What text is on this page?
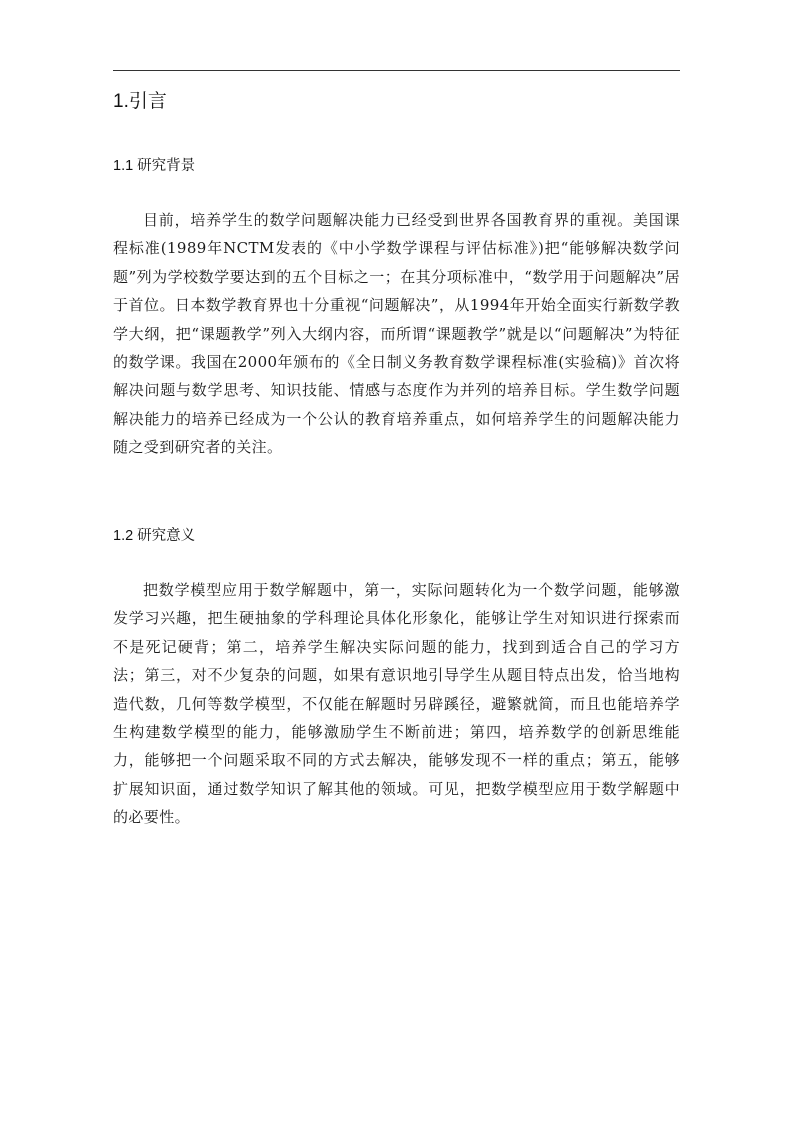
1.引言
1.1 研究背景

目前，培养学生的数学问题解决能力已经受到世界各国教育界的重视。美国课程标准(1989年NCTM发表的《中小学数学课程与评估标准》)把“能够解决数学问题”列为学校数学要达到的五个目标之一；在其分项标准中，“数学用于问题解决”居于首位。日本数学教育界也十分重视“问题解决”，从1994年开始全面实行新数学教学大纲，把“课题教学”列入大纲内容，而所谓“课题教学”就是以“问题解决”为特征的数学课。我国在2000年颁布的《全日制义务教育数学课程标准(实验稿)》首次将解决问题与数学思考、知识技能、情感与态度作为并列的培养目标。学生数学问题解决能力的培养已经成为一个公认的教育培养重点，如何培养学生的问题解决能力随之受到研究者的关注。

1.2 研究意义

把数学模型应用于数学解题中，第一，实际问题转化为一个数学问题，能够激发学习兴趣，把生硬抽象的学科理论具体化形象化，能够让学生对知识进行探索而不是死记硬背；第二，培养学生解决实际问题的能力，找到到适合自己的学习方法；第三，对不少复杂的问题，如果有意识地引导学生从题目特点出发，恰当地构造代数，几何等数学模型，不仅能在解题时另辟蹊径，避繁就简，而且也能培养学生构建数学模型的能力，能够激励学生不断前进；第四，培养数学的创新思维能力，能够把一个问题采取不同的方式去解决，能够发现不一样的重点；第五，能够扩展知识面，通过数学知识了解其他的领域。可见，把数学模型应用于数学解题中的必要性。
